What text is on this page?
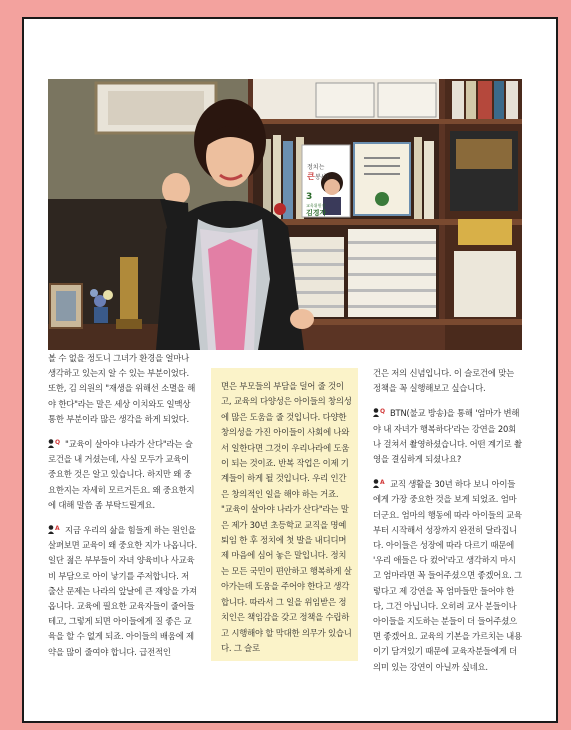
정치는
큰 봉사!
3
교육위원장
김경자

볼 수 없을 정도니 그녀가 환경을 얼마나 생각하고 있는지 알 수 있는 부분이었다. 또한, 김 의원의 "재생을 위해선 소멸을 해야 한다"라는 말은 세상 이치와도 일맥상통한 부분이라 많은 생각을 하게 되었다.

Q "교육이 살아야 나라가 산다"라는 슬로건을 내 거셨는데, 사실 모두가 교육이 중요한 것은 알고 있습니다. 하지만 왜 중요한지는 자세히 모르거든요. 왜 중요한지에 대해 말씀 좀 부탁드릴게요.

A 지금 우리의 삶을 힘들게 하는 원인을 살펴보면 교육이 왜 중요한 지가 나옵니다. 일단 젊은 부부들이 자녀 양육비나 사교육비 부담으로 아이 낳기를 주저합니다. 저 출산 문제는 나라의 앞날에 큰 재앙을 가져옵니다. 교육에 필요한 교육자들이 줄어들 테고, 그렇게 되면 아이들에게 질 좋은 교육을 할 수 없게 되죠. 아이들의 배움에 제약을 많이 줄여야 합니다. 급전적인

면은 부모들의 부담을 덜어 줄 것이고, 교육의 다양성은 아이들의 창의성에 많은 도움을 줄 것입니다. 다양한 창의성을 가진 아이들이 사회에 나와서 일한다면 그것이 우리나라에 도움이 되는 것이죠. 반복 작업은 이제 기계들이 하게 될 것입니다. 우리 인간은 창의적인 일을 해야 하는 거죠. "교육이 살아야 나라가 산다"라는 말은 제가 30년 초등학교 교직을 명예퇴임 한 후 정치에 첫 발을 내디디며 제 마음에 심어 놓은 말입니다. 정치는 모든 국민이 편안하고 행복하게 살아가는데 도움을 주어야 한다고 생각합니다. 따라서 그 일을 위임받은 정치인은 책임감을 갖고 정책을 수립하고 시행해야 할 막대한 의무가 있습니다. 그 슬로

건은 저의 신념입니다. 이 슬로건에 맞는 정책을 꼭 실행해보고 싶습니다.

Q BTN(불교 방송)을 통해 '엄마가 변해야 내 자녀가 행복하다'라는 강연을 20회나 걸쳐서 촬영하셨습니다. 어떤 계기로 촬영을 결심하게 되셨나요?

A 교직 생활을 30년 하다 보니 아이들에게 가장 중요한 것을 보게 되었죠. 엄마더군요. 엄마의 행동에 따라 아이들의 교육부터 시작해서 성장까지 완전히 달라집니다. 아이들은 성장에 따라 다르기 때문에 '우리 애들은 다 컸어'라고 생각하지 마시고 엄마라면 꼭 들어주셨으면 좋겠어요. 그렇다고 제 강연을 꼭 엄마들만 들어야 한다, 그건 아닙니다. 오히려 교사 분들이나 아이들을 지도하는 분들이 더 들어주셨으면 좋겠어요. 교육의 기본을 가르치는 내용이기 담겨있기 때문에 교육자분들에게 더 의미 있는 강연이 아닐까 싶네요.
